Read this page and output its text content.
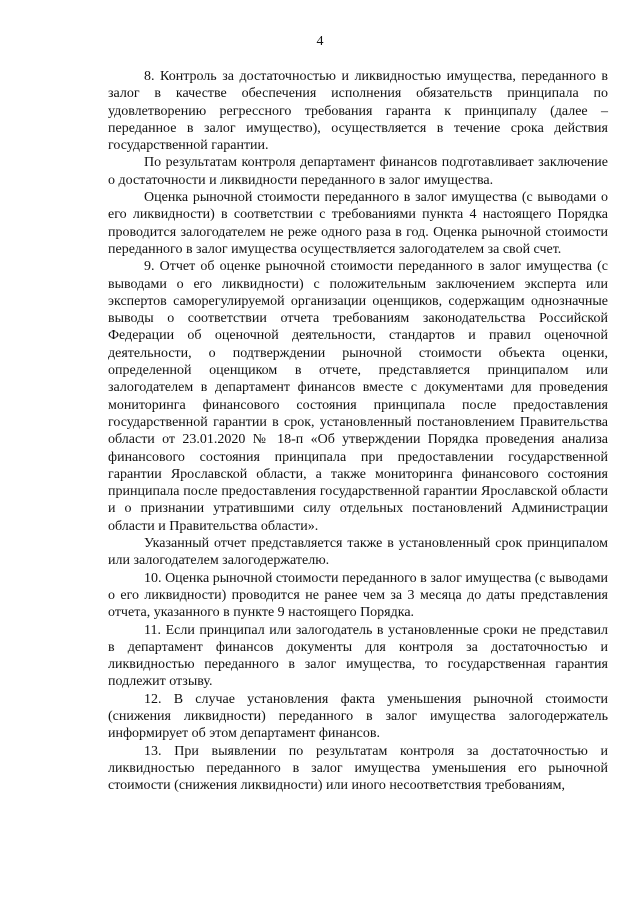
4

8. Контроль за достаточностью и ликвидностью имущества, переданного в залог в качестве обеспечения исполнения обязательств принципала по удовлетворению регрессного требования гаранта к принципалу (далее – переданное в залог имущество), осуществляется в течение срока действия государственной гарантии.

По результатам контроля департамент финансов подготавливает заключение о достаточности и ликвидности переданного в залог имущества.

Оценка рыночной стоимости переданного в залог имущества (с выводами о его ликвидности) в соответствии с требованиями пункта 4 настоящего Порядка проводится залогодателем не реже одного раза в год. Оценка рыночной стоимости переданного в залог имущества осуществляется залогодателем за свой счет.

9. Отчет об оценке рыночной стоимости переданного в залог имущества (с выводами о его ликвидности) с положительным заключением эксперта или экспертов саморегулируемой организации оценщиков, содержащим однозначные выводы о соответствии отчета требованиям законодательства Российской Федерации об оценочной деятельности, стандартов и правил оценочной деятельности, о подтверждении рыночной стоимости объекта оценки, определенной оценщиком в отчете, представляется принципалом или залогодателем в департамент финансов вместе с документами для проведения мониторинга финансового состояния принципала после предоставления государственной гарантии в срок, установленный постановлением Правительства области от 23.01.2020 № 18-п «Об утверждении Порядка проведения анализа финансового состояния принципала при предоставлении государственной гарантии Ярославской области, а также мониторинга финансового состояния принципала после предоставления государственной гарантии Ярославской области и о признании утратившими силу отдельных постановлений Администрации области и Правительства области».

Указанный отчет представляется также в установленный срок принципалом или залогодателем залогодержателю.

10. Оценка рыночной стоимости переданного в залог имущества (с выводами о его ликвидности) проводится не ранее чем за 3 месяца до даты представления отчета, указанного в пункте 9 настоящего Порядка.

11. Если принципал или залогодатель в установленные сроки не представил в департамент финансов документы для контроля за достаточностью и ликвидностью переданного в залог имущества, то государственная гарантия подлежит отзыву.

12. В случае установления факта уменьшения рыночной стоимости (снижения ликвидности) переданного в залог имущества залогодержатель информирует об этом департамент финансов.

13. При выявлении по результатам контроля за достаточностью и ликвидностью переданного в залог имущества уменьшения его рыночной стоимости (снижения ликвидности) или иного несоответствия требованиям,
